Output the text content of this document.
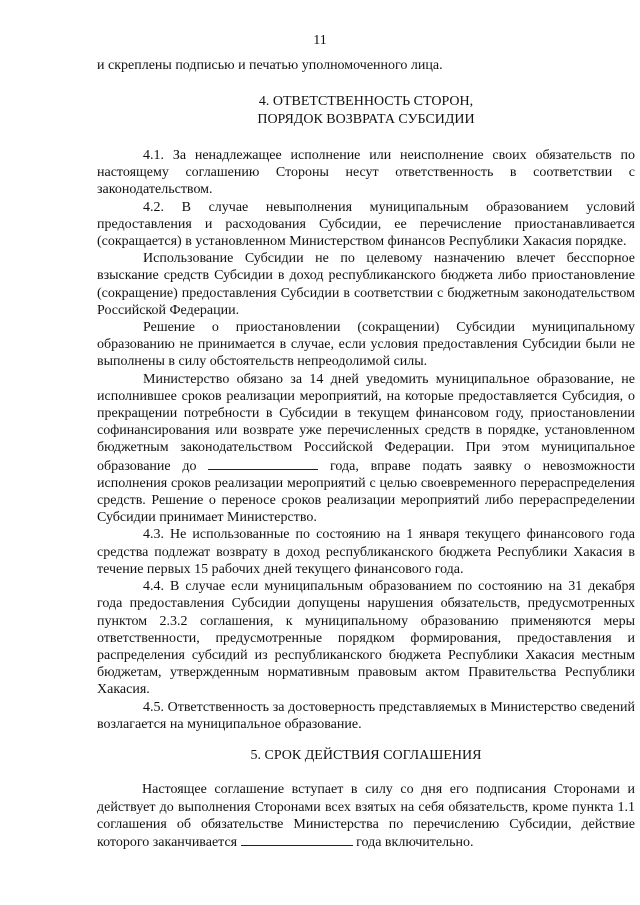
11

и скреплены подписью и печатью уполномоченного лица.

4. ОТВЕТСТВЕННОСТЬ СТОРОН,
ПОРЯДОК ВОЗВРАТА СУБСИДИИ

4.1. За ненадлежащее исполнение или неисполнение своих обязательств по настоящему соглашению Стороны несут ответственность в соответствии с законодательством.

4.2. В случае невыполнения муниципальным образованием условий предоставления и расходования Субсидии, ее перечисление приостанавливается (сокращается) в установленном Министерством финансов Республики Хакасия порядке.

Использование Субсидии не по целевому назначению влечет бесспорное взыскание средств Субсидии в доход республиканского бюджета либо приостановление (сокращение) предоставления Субсидии в соответствии с бюджетным законодательством Российской Федерации.

Решение о приостановлении (сокращении) Субсидии муниципальному образованию не принимается в случае, если условия предоставления Субсидии были не выполнены в силу обстоятельств непреодолимой силы.

Министерство обязано за 14 дней уведомить муниципальное образование, не исполнившее сроков реализации мероприятий, на которые предоставляется Субсидия, о прекращении потребности в Субсидии в текущем финансовом году, приостановлении софинансирования или возврате уже перечисленных средств в порядке, установленном бюджетным законодательством Российской Федерации. При этом муниципальное образование до	года, вправе подать заявку о невозможности исполнения сроков реализации мероприятий с целью своевременного перераспределения средств. Решение о переносе сроков реализации мероприятий либо перераспределении Субсидии принимает Министерство.

4.3. Не использованные по состоянию на 1 января текущего финансового года средства подлежат возврату в доход республиканского бюджета Республики Хакасия в течение первых 15 рабочих дней текущего финансового года.

4.4. В случае если муниципальным образованием по состоянию на 31 декабря года предоставления Субсидии допущены нарушения обязательств, предусмотренных пунктом 2.3.2 соглашения, к муниципальному образованию применяются меры ответственности, предусмотренные порядком формирования, предоставления и распределения субсидий из республиканского бюджета Республики Хакасия местным бюджетам, утвержденным нормативным правовым актом Правительства Республики Хакасия.

4.5. Ответственность за достоверность представляемых в Министерство сведений возлагается на муниципальное образование.

5. СРОК ДЕЙСТВИЯ СОГЛАШЕНИЯ

Настоящее соглашение вступает в силу со дня его подписания Сторонами и действует до выполнения Сторонами всех взятых на себя обязательств, кроме пункта 1.1 соглашения об обязательстве Министерства по перечислению Субсидии, действие которого заканчивается	года включительно.
